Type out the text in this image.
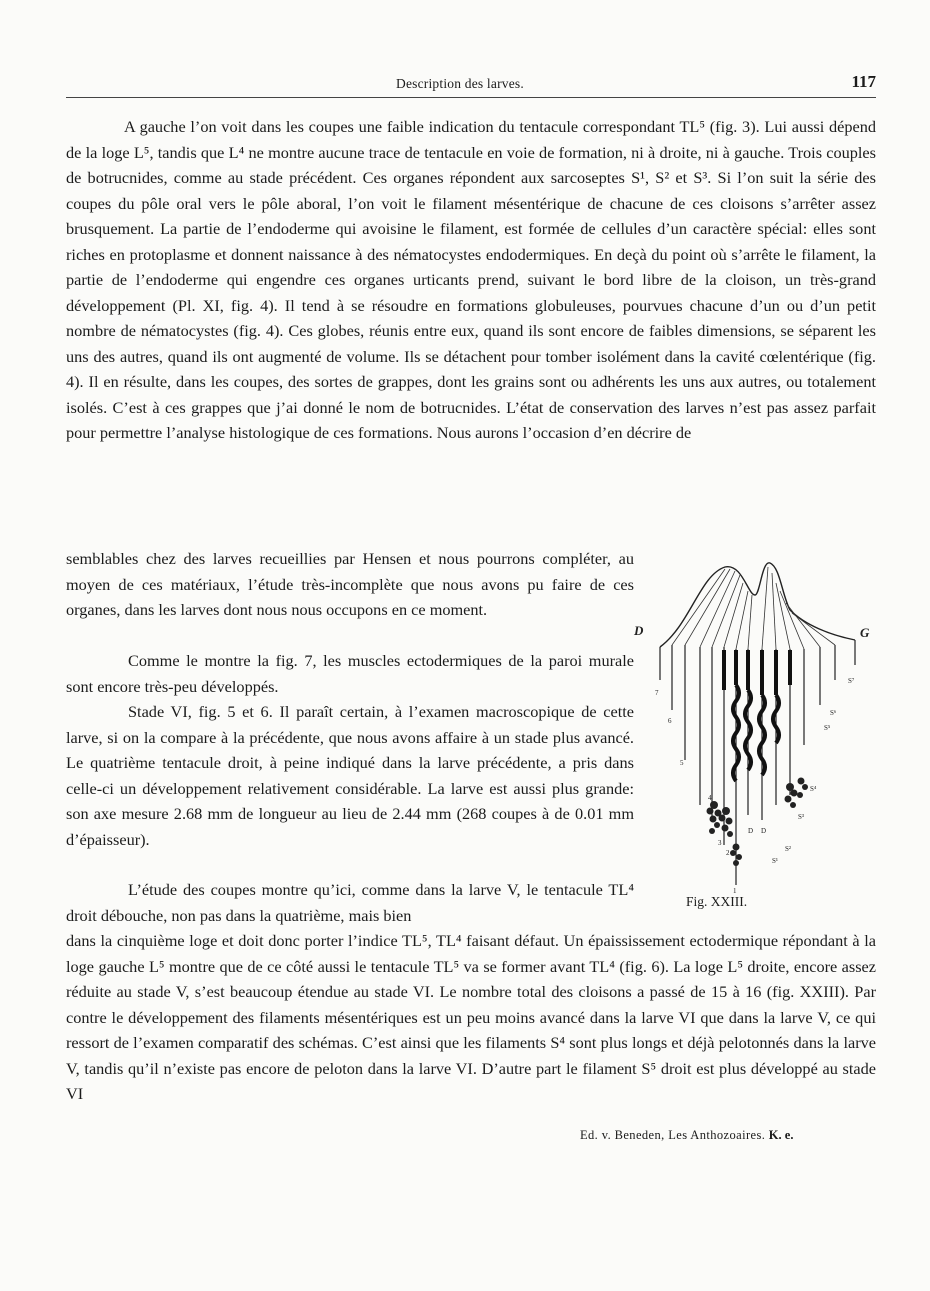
Description des larves.	117

A gauche l’on voit dans les coupes une faible indication du tentacule correspondant TL⁵ (fig. 3). Lui aussi dépend de la loge L⁵, tandis que L⁴ ne montre aucune trace de tentacule en voie de formation, ni à droite, ni à gauche. Trois couples de botrucnides, comme au stade précédent. Ces organes répondent aux sarcoseptes S¹, S² et S³. Si l’on suit la série des coupes du pôle oral vers le pôle aboral, l’on voit le filament mésentérique de chacune de ces cloisons s’arrêter assez brusquement. La partie de l’endoderme qui avoisine le filament, est formée de cellules d’un caractère spécial: elles sont riches en protoplasme et donnent naissance à des nématocystes endodermiques. En deçà du point où s’arrête le filament, la partie de l’endoderme qui engendre ces organes urticants prend, suivant le bord libre de la cloison, un très-grand développement (Pl. XI, fig. 4). Il tend à se résoudre en formations globuleuses, pourvues chacune d’un ou d’un petit nombre de nématocystes (fig. 4). Ces globes, réunis entre eux, quand ils sont encore de faibles dimensions, se séparent les uns des autres, quand ils ont augmenté de volume. Ils se détachent pour tomber isolément dans la cavité cœlentérique (fig. 4). Il en résulte, dans les coupes, des sortes de grappes, dont les grains sont ou adhérents les uns aux autres, ou totalement isolés. C’est à ces grappes que j’ai donné le nom de botrucnides. L’état de conservation des larves n’est pas assez parfait pour permettre l’analyse histologique de ces formations. Nous aurons l’occasion d’en décrire de

semblables chez des larves recueillies par Hensen et nous pourrons compléter, au moyen de ces matériaux, l’étude très-incomplète que nous avons pu faire de ces organes, dans les larves dont nous nous occupons en ce moment.

Comme le montre la fig. 7, les muscles ectodermiques de la paroi murale sont encore très-peu développés.

Stade VI, fig. 5 et 6. Il paraît certain, à l’examen macroscopique de cette larve, si on la compare à la précédente, que nous avons affaire à un stade plus avancé. Le quatrième tentacule droit, à peine indiqué dans la larve précédente, a pris dans celle-ci un développement relativement considérable. La larve est aussi plus grande: son axe mesure 2.68 mm de longueur au lieu de 2.44 mm (268 coupes à de 0.01 mm d’épaisseur).

L’étude des coupes montre qu’ici, comme dans la larve V, le tentacule TL⁴ droit débouche, non pas dans la quatrième, mais bien

dans la cinquième loge et doit donc porter l’indice TL⁵, TL⁴ faisant défaut. Un épaississement ectodermique répondant à la loge gauche L⁵ montre que de ce côté aussi le tentacule TL⁵ va se former avant TL⁴ (fig. 6). La loge L⁵ droite, encore assez réduite au stade V, s’est beaucoup étendue au stade VI. Le nombre total des cloisons a passé de 15 à 16 (fig. XXIII). Par contre le développement des filaments mésentériques est un peu moins avancé dans la larve VI que dans la larve V, ce qui ressort de l’examen comparatif des schémas. C’est ainsi que les filaments S⁴ sont plus longs et déjà pelotonnés dans la larve V, tandis qu’il n’existe pas encore de peloton dans la larve VI. D’autre part le filament S⁵ droit est plus développé au stade VI

D	G
S⁷
S⁶
S⁵
S⁴
S³
S²
S¹
D D
7
6
5
4
3
2
1
Fig. XXIII.
Ed. v. Beneden, Les Anthozoaires. K. e.
